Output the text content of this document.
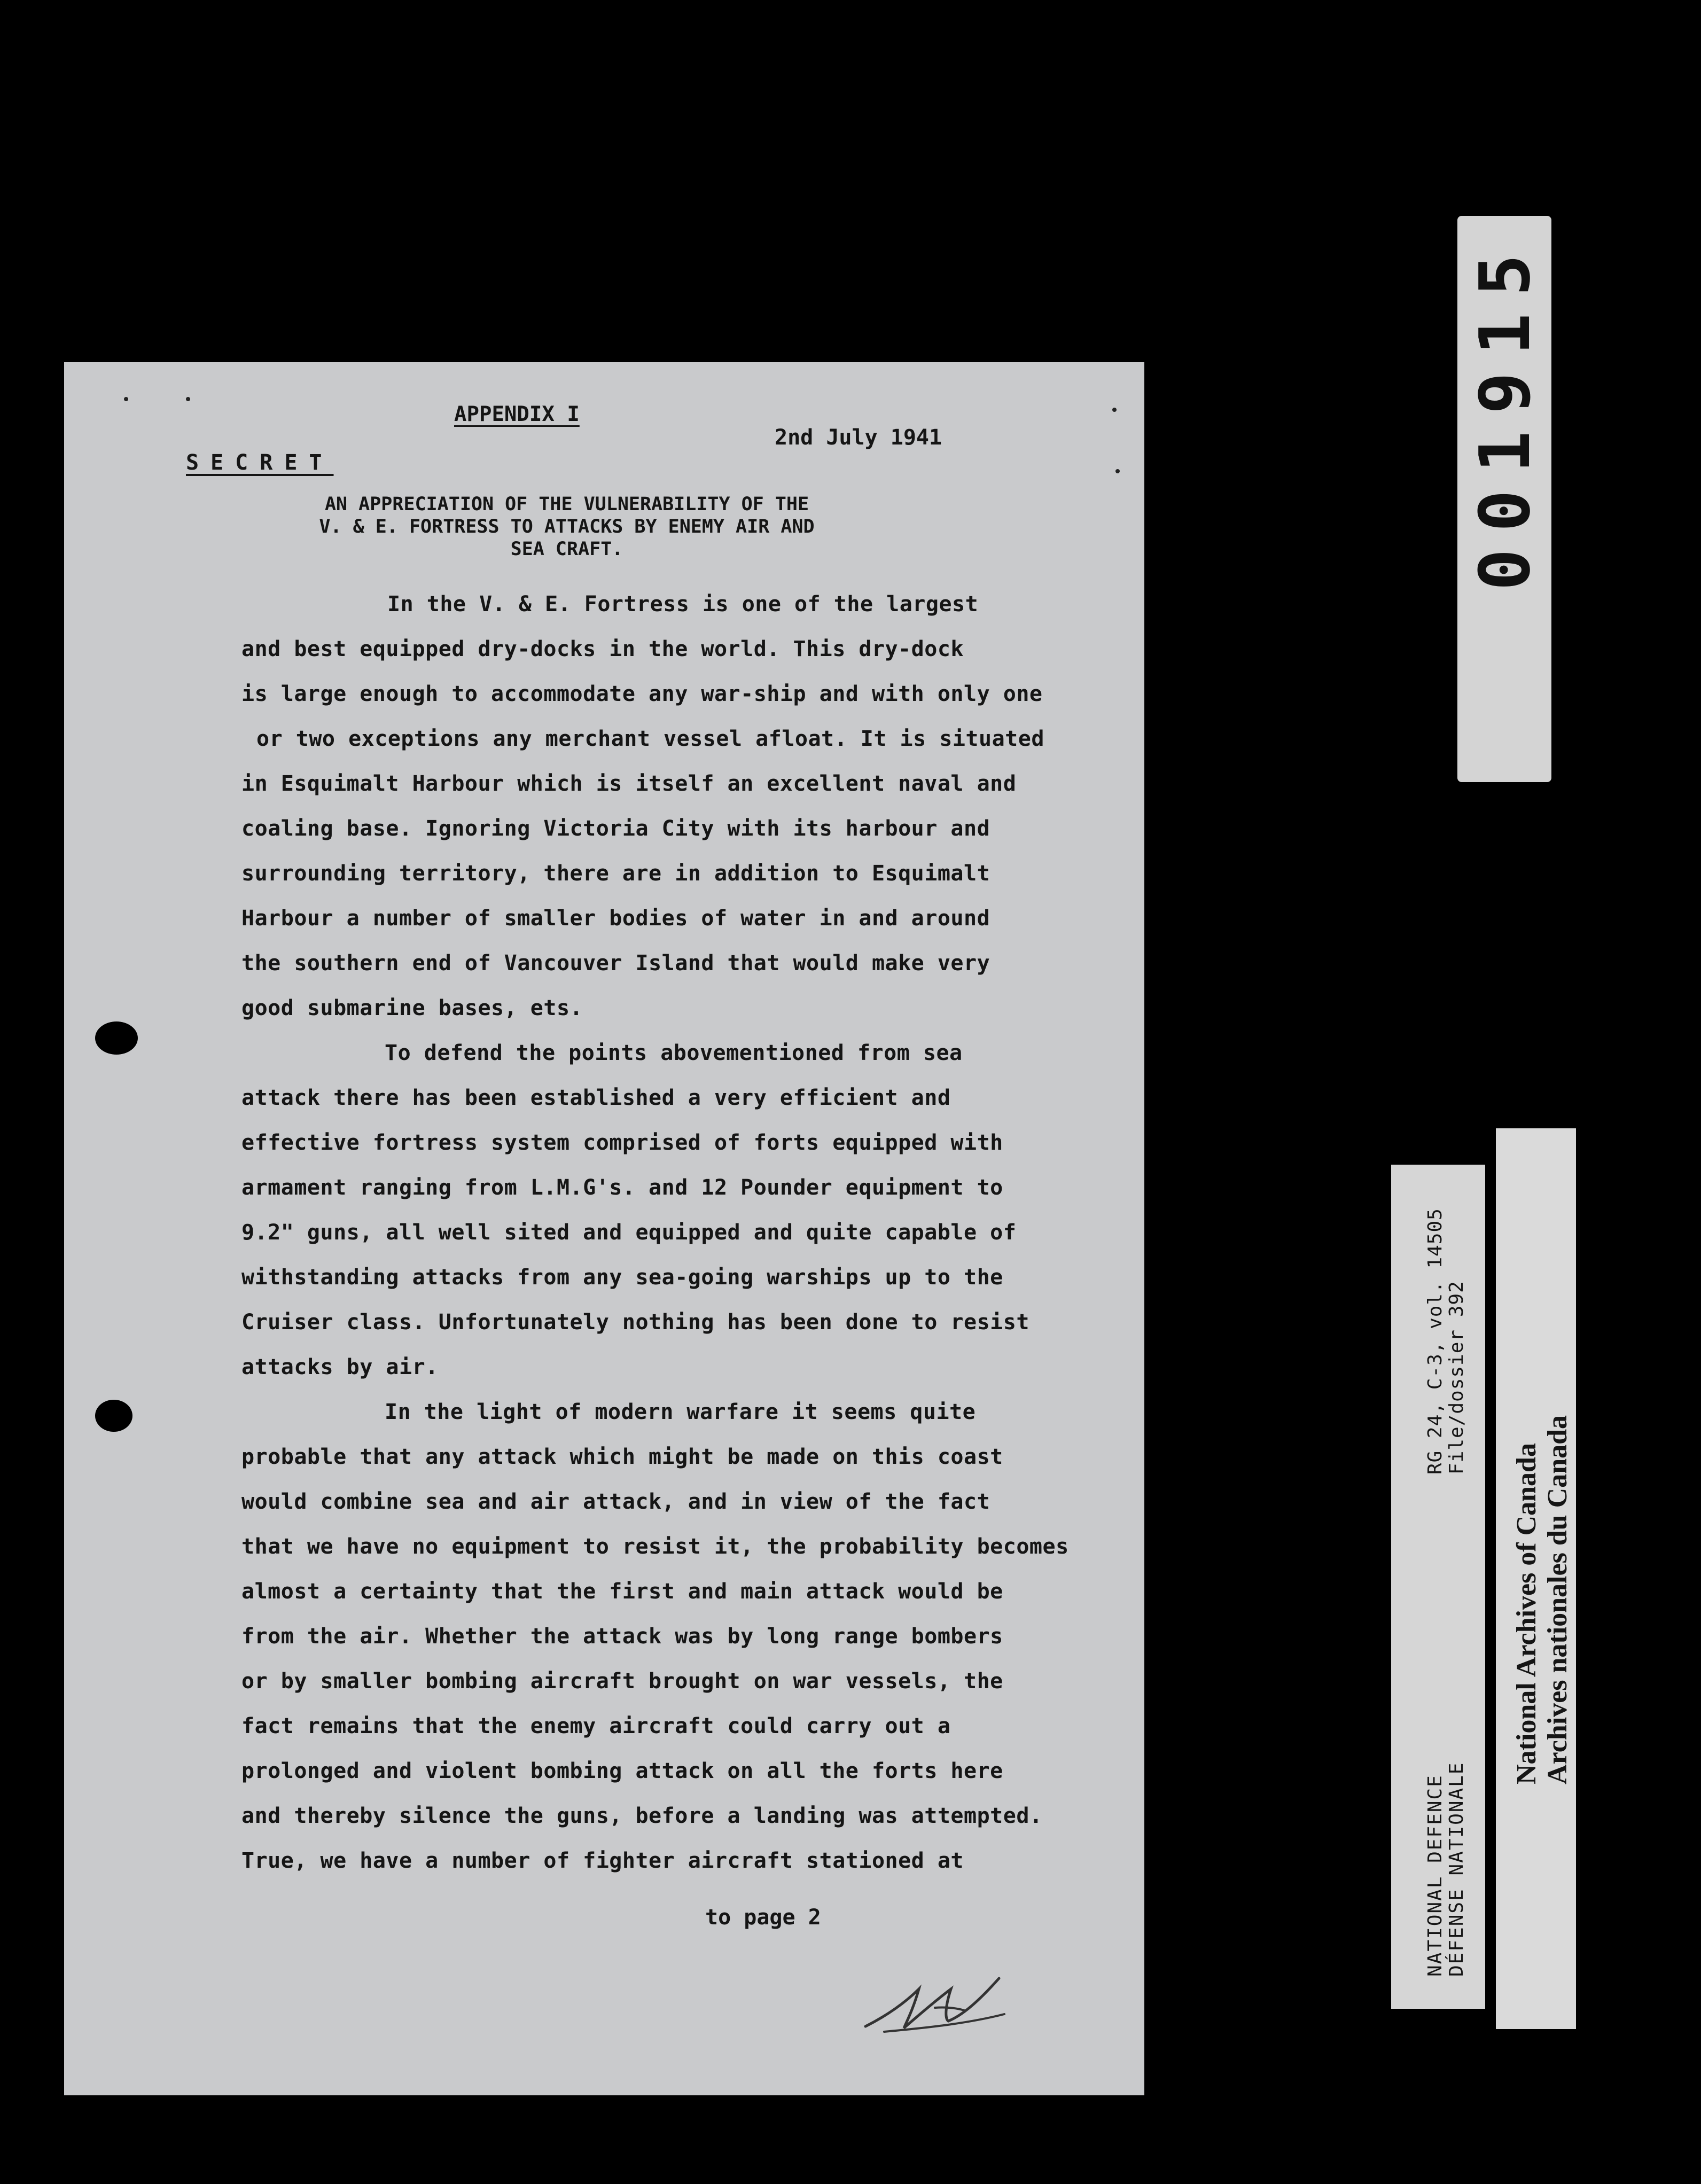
APPENDIX I
2nd July 1941
SECRET
AN APPRECIATION OF THE VULNERABILITY OF THE
V. & E. FORTRESS TO ATTACKS BY ENEMY AIR AND
SEA CRAFT.
In the V. & E. Fortress is one of the largest
and best equipped dry-docks in the world. This dry-dock
is large enough to accommodate any war-ship and with only one
or two exceptions any merchant vessel afloat. It is situated
in Esquimalt Harbour which is itself an excellent naval and
coaling base. Ignoring Victoria City with its harbour and
surrounding territory, there are in addition to Esquimalt
Harbour a number of smaller bodies of water in and around
the southern end of Vancouver Island that would make very
good submarine bases, ets.
To defend the points abovementioned from sea
attack there has been established a very efficient and
effective fortress system comprised of forts equipped with
armament ranging from L.M.G's. and 12 Pounder equipment to
9.2" guns, all well sited and equipped and quite capable of
withstanding attacks from any sea-going warships up to the
Cruiser class. Unfortunately nothing has been done to resist
attacks by air.
In the light of modern warfare it seems quite
probable that any attack which might be made on this coast
would combine sea and air attack, and in view of the fact
that we have no equipment to resist it, the probability becomes
almost a certainty that the first and main attack would be
from the air. Whether the attack was by long range bombers
or by smaller bombing aircraft brought on war vessels, the
fact remains that the enemy aircraft could carry out a
prolonged and violent bombing attack on all the forts here
and thereby silence the guns, before a landing was attempted.
True, we have a number of fighter aircraft stationed at
to page 2
001915
NATIONAL DEFENCE DÉFENSE NATIONALE
RG 24, C-3, vol. 14505 File/dossier 392
National Archives of Canada Archives nationales du Canada
